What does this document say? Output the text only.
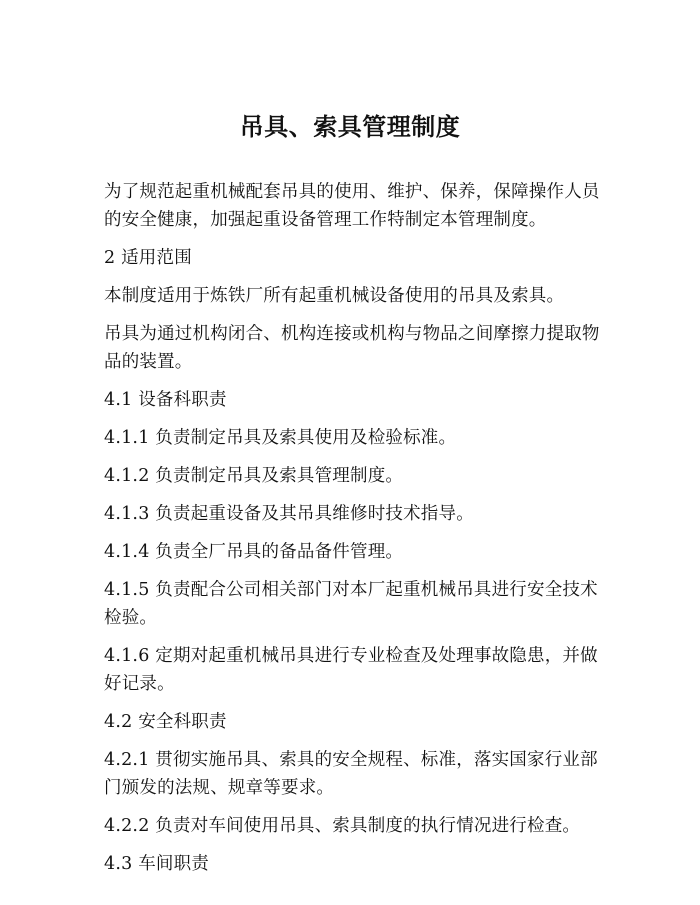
吊具、索具管理制度

为了规范起重机械配套吊具的使用、维护、保养，保障操作人员的安全健康，加强起重设备管理工作特制定本管理制度。

2 适用范围

本制度适用于炼铁厂所有起重机械设备使用的吊具及索具。

吊具为通过机构闭合、机构连接或机构与物品之间摩擦力提取物品的装置。

4.1 设备科职责

4.1.1 负责制定吊具及索具使用及检验标准。

4.1.2 负责制定吊具及索具管理制度。

4.1.3 负责起重设备及其吊具维修时技术指导。

4.1.4 负责全厂吊具的备品备件管理。

4.1.5 负责配合公司相关部门对本厂起重机械吊具进行安全技术检验。

4.1.6 定期对起重机械吊具进行专业检查及处理事故隐患，并做好记录。

4.2 安全科职责

4.2.1 贯彻实施吊具、索具的安全规程、标准，落实国家行业部门颁发的法规、规章等要求。

4.2.2 负责对车间使用吊具、索具制度的执行情况进行检查。

4.3 车间职责
